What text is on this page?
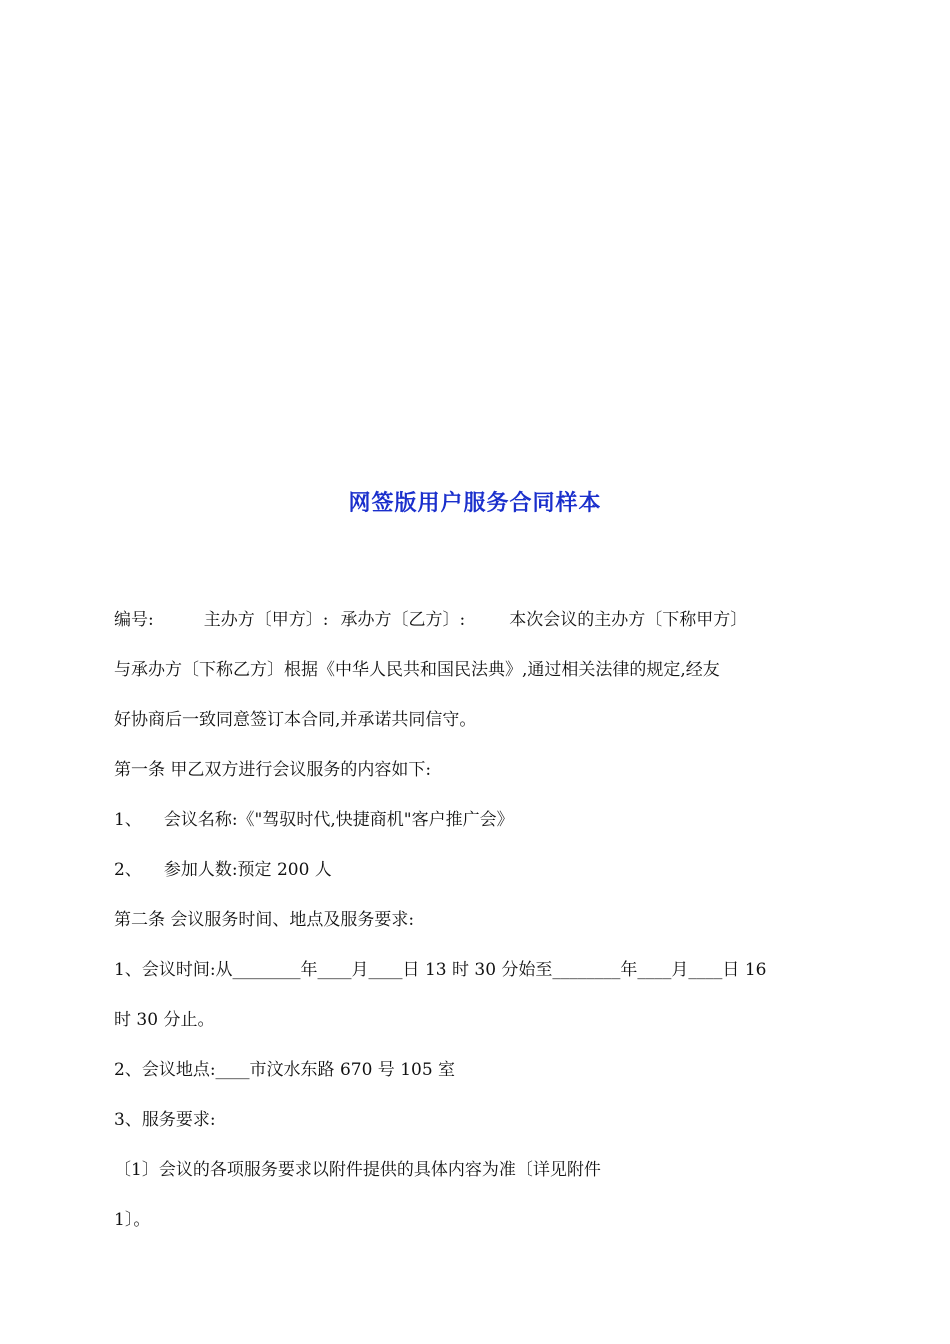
网签版用户服务合同样本
编号:	主办方〔甲方〕: 承办方〔乙方〕:	本次会议的主办方〔下称甲方〕
与承办方〔下称乙方〕根据《中华人民共和国民法典》,通过相关法律的规定,经友
好协商后一致同意签订本合同,并承诺共同信守。
第一条 甲乙双方进行会议服务的内容如下:
1、 会议名称:《"驾驭时代,快捷商机"客户推广会》
2、 参加人数:预定 200 人
第二条 会议服务时间、地点及服务要求:
1、会议时间:从________年____月____日 13 时 30 分始至________年____月____日 16
时 30 分止。
2、会议地点:____市汶水东路 670 号 105 室
3、服务要求:
〔1〕会议的各项服务要求以附件提供的具体内容为准〔详见附件
1〕。
